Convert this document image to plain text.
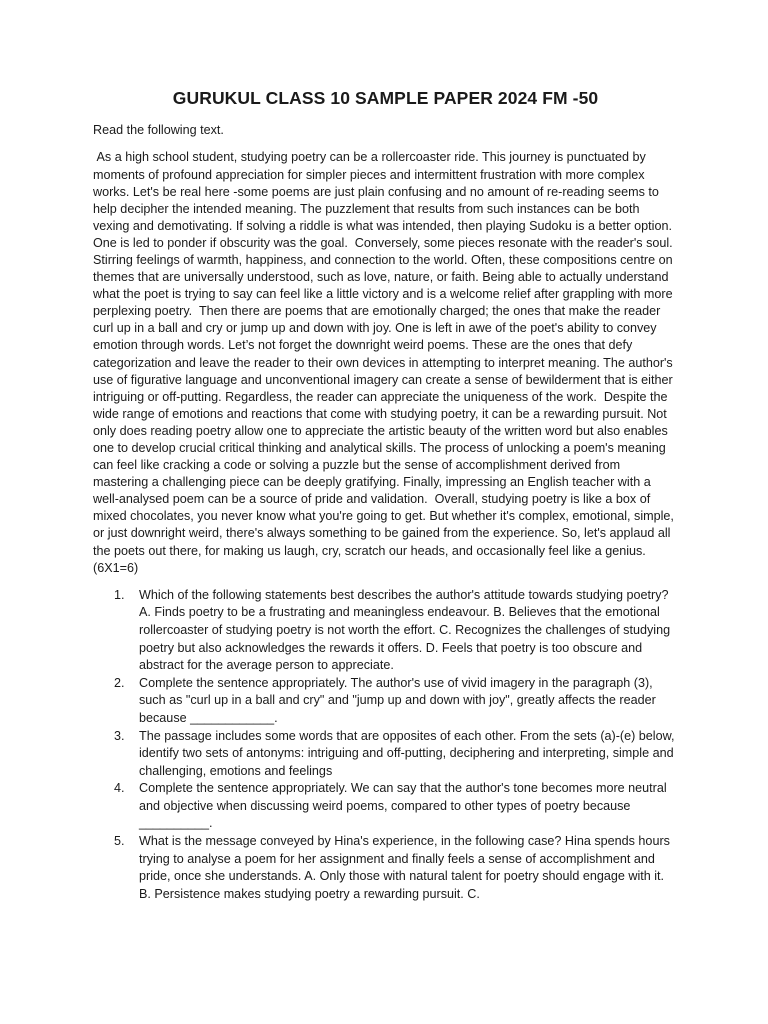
GURUKUL CLASS 10 SAMPLE PAPER 2024 FM -50

Read the following text.

As a high school student, studying poetry can be a rollercoaster ride. This journey is punctuated by moments of profound appreciation for simpler pieces and intermittent frustration with more complex works. Let's be real here -some poems are just plain confusing and no amount of re-reading seems to help decipher the intended meaning. The puzzlement that results from such instances can be both vexing and demotivating. If solving a riddle is what was intended, then playing Sudoku is a better option. One is led to ponder if obscurity was the goal.  Conversely, some pieces resonate with the reader's soul. Stirring feelings of warmth, happiness, and connection to the world. Often, these compositions centre on themes that are universally understood, such as love, nature, or faith. Being able to actually understand what the poet is trying to say can feel like a little victory and is a welcome relief after grappling with more perplexing poetry.  Then there are poems that are emotionally charged; the ones that make the reader curl up in a ball and cry or jump up and down with joy. One is left in awe of the poet's ability to convey emotion through words. Let’s not forget the downright weird poems. These are the ones that defy categorization and leave the reader to their own devices in attempting to interpret meaning. The author's use of figurative language and unconventional imagery can create a sense of bewilderment that is either intriguing or off-putting. Regardless, the reader can appreciate the uniqueness of the work.  Despite the wide range of emotions and reactions that come with studying poetry, it can be a rewarding pursuit. Not only does reading poetry allow one to appreciate the artistic beauty of the written word but also enables one to develop crucial critical thinking and analytical skills. The process of unlocking a poem's meaning can feel like cracking a code or solving a puzzle but the sense of accomplishment derived from mastering a challenging piece can be deeply gratifying. Finally, impressing an English teacher with a well-analysed poem can be a source of pride and validation.  Overall, studying poetry is like a box of mixed chocolates, you never know what you're going to get. But whether it's complex, emotional, simple, or just downright weird, there's always something to be gained from the experience. So, let's applaud all the poets out there, for making us laugh, cry, scratch our heads, and occasionally feel like a genius. (6X1=6)

1. Which of the following statements best describes the author's attitude towards studying poetry? A. Finds poetry to be a frustrating and meaningless endeavour. B. Believes that the emotional rollercoaster of studying poetry is not worth the effort. C. Recognizes the challenges of studying poetry but also acknowledges the rewards it offers. D. Feels that poetry is too obscure and abstract for the average person to appreciate.
2. Complete the sentence appropriately. The author's use of vivid imagery in the paragraph (3), such as "curl up in a ball and cry" and "jump up and down with joy", greatly affects the reader because ____________.
3. The passage includes some words that are opposites of each other. From the sets (a)-(e) below, identify two sets of antonyms: intriguing and off-putting, deciphering and interpreting, simple and challenging, emotions and feelings
4. Complete the sentence appropriately. We can say that the author's tone becomes more neutral and objective when discussing weird poems, compared to other types of poetry because __________.
5. What is the message conveyed by Hina's experience, in the following case? Hina spends hours trying to analyse a poem for her assignment and finally feels a sense of accomplishment and pride, once she understands. A. Only those with natural talent for poetry should engage with it. B. Persistence makes studying poetry a rewarding pursuit. C.
